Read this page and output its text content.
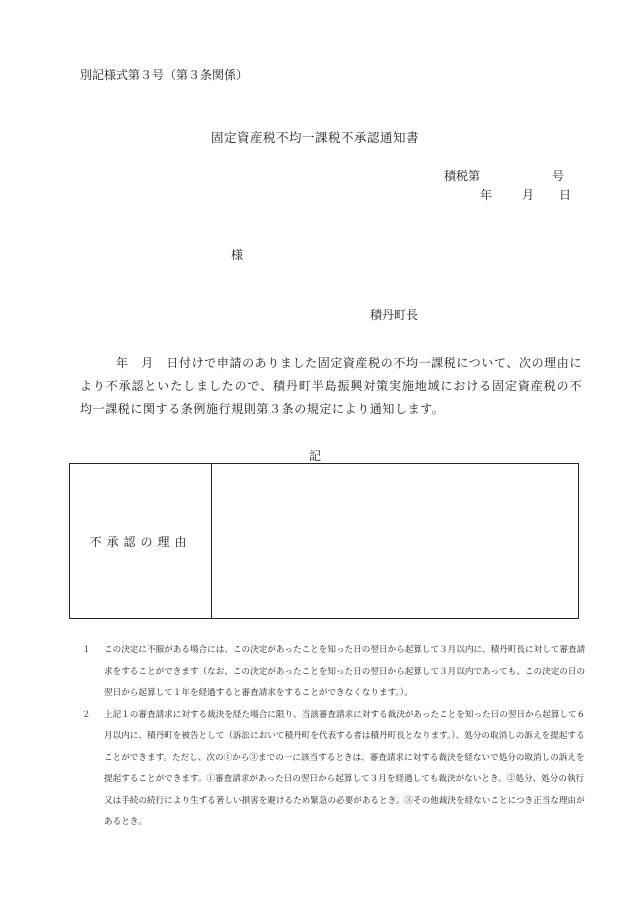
別記様式第３号（第３条関係）
固定資産税不均一課税不承認通知書
積税第	号
年	月 日
様
積丹町長
年　月　日付けで申請のありました固定資産税の不均一課税について、次の理由により不承認といたしましたので、積丹町半島振興対策実施地域における固定資産税の不均一課税に関する条例施行規則第３条の規定により通知します。
記
不承認の理由
１	この決定に不服がある場合には、この決定があったことを知った日の翌日から起算して３月以内に、積丹町長に対して審査請求をすることができます（なお、この決定があったことを知った日の翌日から起算して３月以内であっても、この決定の日の翌日から起算して１年を経過すると審査請求をすることができなくなります。）。
２	上記１の審査請求に対する裁決を経た場合に限り、当該審査請求に対する裁決があったことを知った日の翌日から起算して６月以内に、積丹町を被告として（訴訟において積丹町を代表する者は積丹町長となります。）、処分の取消しの訴えを提起することができます。ただし、次の①から③までの一に該当するときは、審査請求に対する裁決を経ないで処分の取消しの訴えを提起することができます。①審査請求があった日の翌日から起算して３月を経過しても裁決がないとき。②処分、処分の執行又は手続の続行により生ずる著しい損害を避けるため緊急の必要があるとき。③その他裁決を経ないことにつき正当な理由があるとき。
